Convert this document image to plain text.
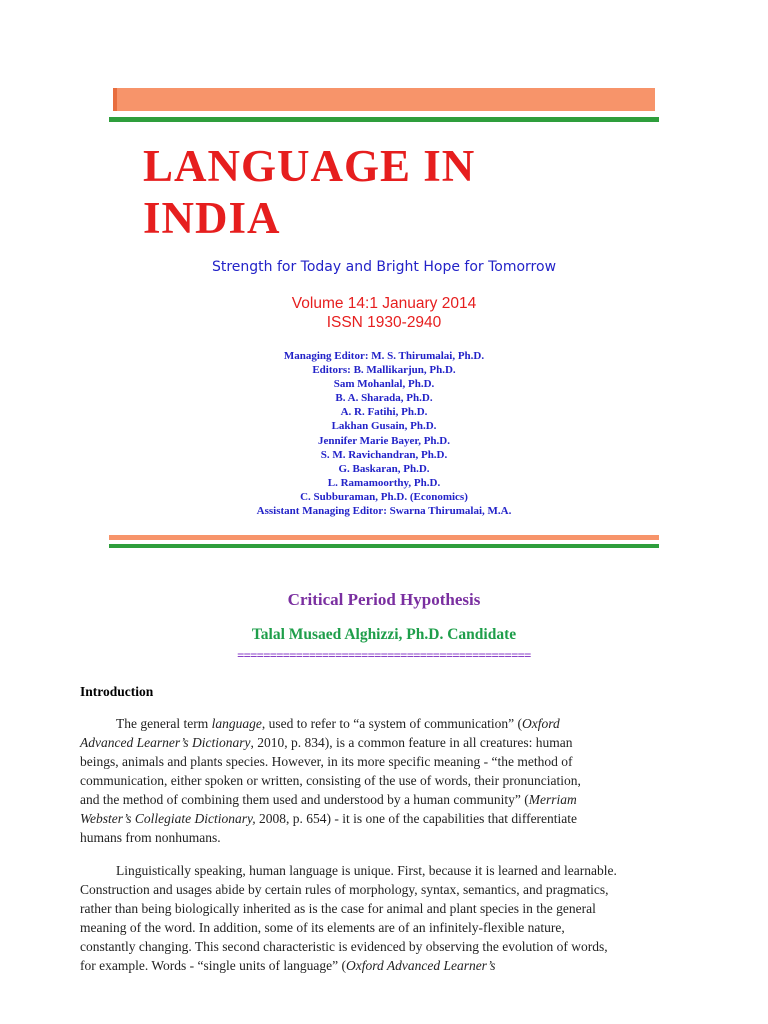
LANGUAGE IN
INDIA
Strength for Today and Bright Hope for Tomorrow
Volume 14:1 January 2014
ISSN 1930-2940
Managing Editor: M. S. Thirumalai, Ph.D.
Editors: B. Mallikarjun, Ph.D.
Sam Mohanlal, Ph.D.
B. A. Sharada, Ph.D.
A. R. Fatihi, Ph.D.
Lakhan Gusain, Ph.D.
Jennifer Marie Bayer, Ph.D.
S. M. Ravichandran, Ph.D.
G. Baskaran, Ph.D.
L. Ramamoorthy, Ph.D.
C. Subburaman, Ph.D. (Economics)
Assistant Managing Editor: Swarna Thirumalai, M.A.
Critical Period Hypothesis
Talal Musaed Alghizzi, Ph.D. Candidate
=============================================
Introduction
The general term language, used to refer to “a system of communication” (Oxford
Advanced Learner’s Dictionary, 2010, p. 834), is a common feature in all creatures: human
beings, animals and plants species. However, in its more specific meaning - “the method of
communication, either spoken or written, consisting of the use of words, their pronunciation,
and the method of combining them used and understood by a human community” (Merriam
Webster’s Collegiate Dictionary, 2008, p. 654) - it is one of the capabilities that differentiate
humans from nonhumans.
Linguistically speaking, human language is unique. First, because it is learned and learnable.
Construction and usages abide by certain rules of morphology, syntax, semantics, and pragmatics,
rather than being biologically inherited as is the case for animal and plant species in the general
meaning of the word. In addition, some of its elements are of an infinitely-flexible nature,
constantly changing. This second characteristic is evidenced by observing the evolution of words,
for example. Words - “single units of language” (Oxford Advanced Learner’s
